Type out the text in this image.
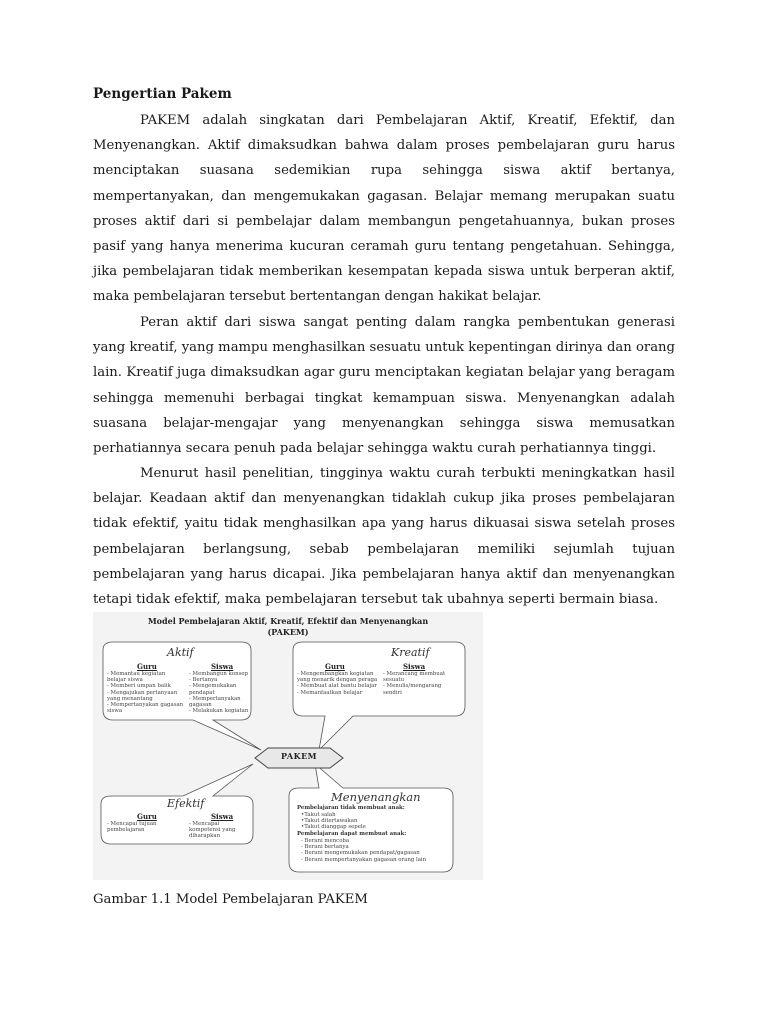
Pengertian Pakem

PAKEM adalah singkatan dari Pembelajaran Aktif, Kreatif, Efektif, dan Menyenangkan. Aktif dimaksudkan bahwa dalam proses pembelajaran guru harus menciptakan suasana sedemikian rupa sehingga siswa aktif bertanya, mempertanyakan, dan mengemukakan gagasan. Belajar memang merupakan suatu proses aktif dari si pembelajar dalam membangun pengetahuannya, bukan proses pasif yang hanya menerima kucuran ceramah guru tentang pengetahuan. Sehingga, jika pembelajaran tidak memberikan kesempatan kepada siswa untuk berperan aktif, maka pembelajaran tersebut bertentangan dengan hakikat belajar.

Peran aktif dari siswa sangat penting dalam rangka pembentukan generasi yang kreatif, yang mampu menghasilkan sesuatu untuk kepentingan dirinya dan orang lain. Kreatif juga dimaksudkan agar guru menciptakan kegiatan belajar yang beragam sehingga memenuhi berbagai tingkat kemampuan siswa. Menyenangkan adalah suasana belajar-mengajar yang menyenangkan sehingga siswa memusatkan perhatiannya secara penuh pada belajar sehingga waktu curah perhatiannya tinggi.

Menurut hasil penelitian, tingginya waktu curah terbukti meningkatkan hasil belajar. Keadaan aktif dan menyenangkan tidaklah cukup jika proses pembelajaran tidak efektif, yaitu tidak menghasilkan apa yang harus dikuasai siswa setelah proses pembelajaran berlangsung, sebab pembelajaran memiliki sejumlah tujuan pembelajaran yang harus dicapai. Jika pembelajaran hanya aktif dan menyenangkan tetapi tidak efektif, maka pembelajaran tersebut tak ubahnya seperti bermain biasa.

Model Pembelajaran Aktif, Kreatif, Efektif dan Menyenangkan
(PAKEM)
PAKEM
Aktif
Guru	Siswa
- Memantau kegiatan belajar siswa
- Memberi umpan balik
- Mengajukan pertanyaan yang menantang
- Mempertanyakan gagasan siswa
- Membangun konsep
- Bertanya
- Mengemukakan pendapat
- Mempertanyakan gagasan
- Melakukan kegiatan
Kreatif
Guru	Siswa
- Mengembangkan kegiatan yang menarik dengan peraga
- Membuat alat bantu belajar
- Memanfaatkan belajar
- Merancang membuat sesuatu
- Menulis/mengarang sendiri
Efektif
Guru	Siswa
- Mencapai tujuan pembelajaran
- Mencapai kompetensi yang diharapkan
Menyenangkan
Pembelajaran tidak membuat anak:
• Takut salah
• Takut ditertawakan
• Takut dianggap sepele
Pembelajaran dapat membuat anak:
- Berani mencoba
- Berani bertanya
- Berani mengemukakan pendapat/gagasan
- Berani mempertanyakan gagasan orang lain
Gambar 1.1 Model Pembelajaran PAKEM
